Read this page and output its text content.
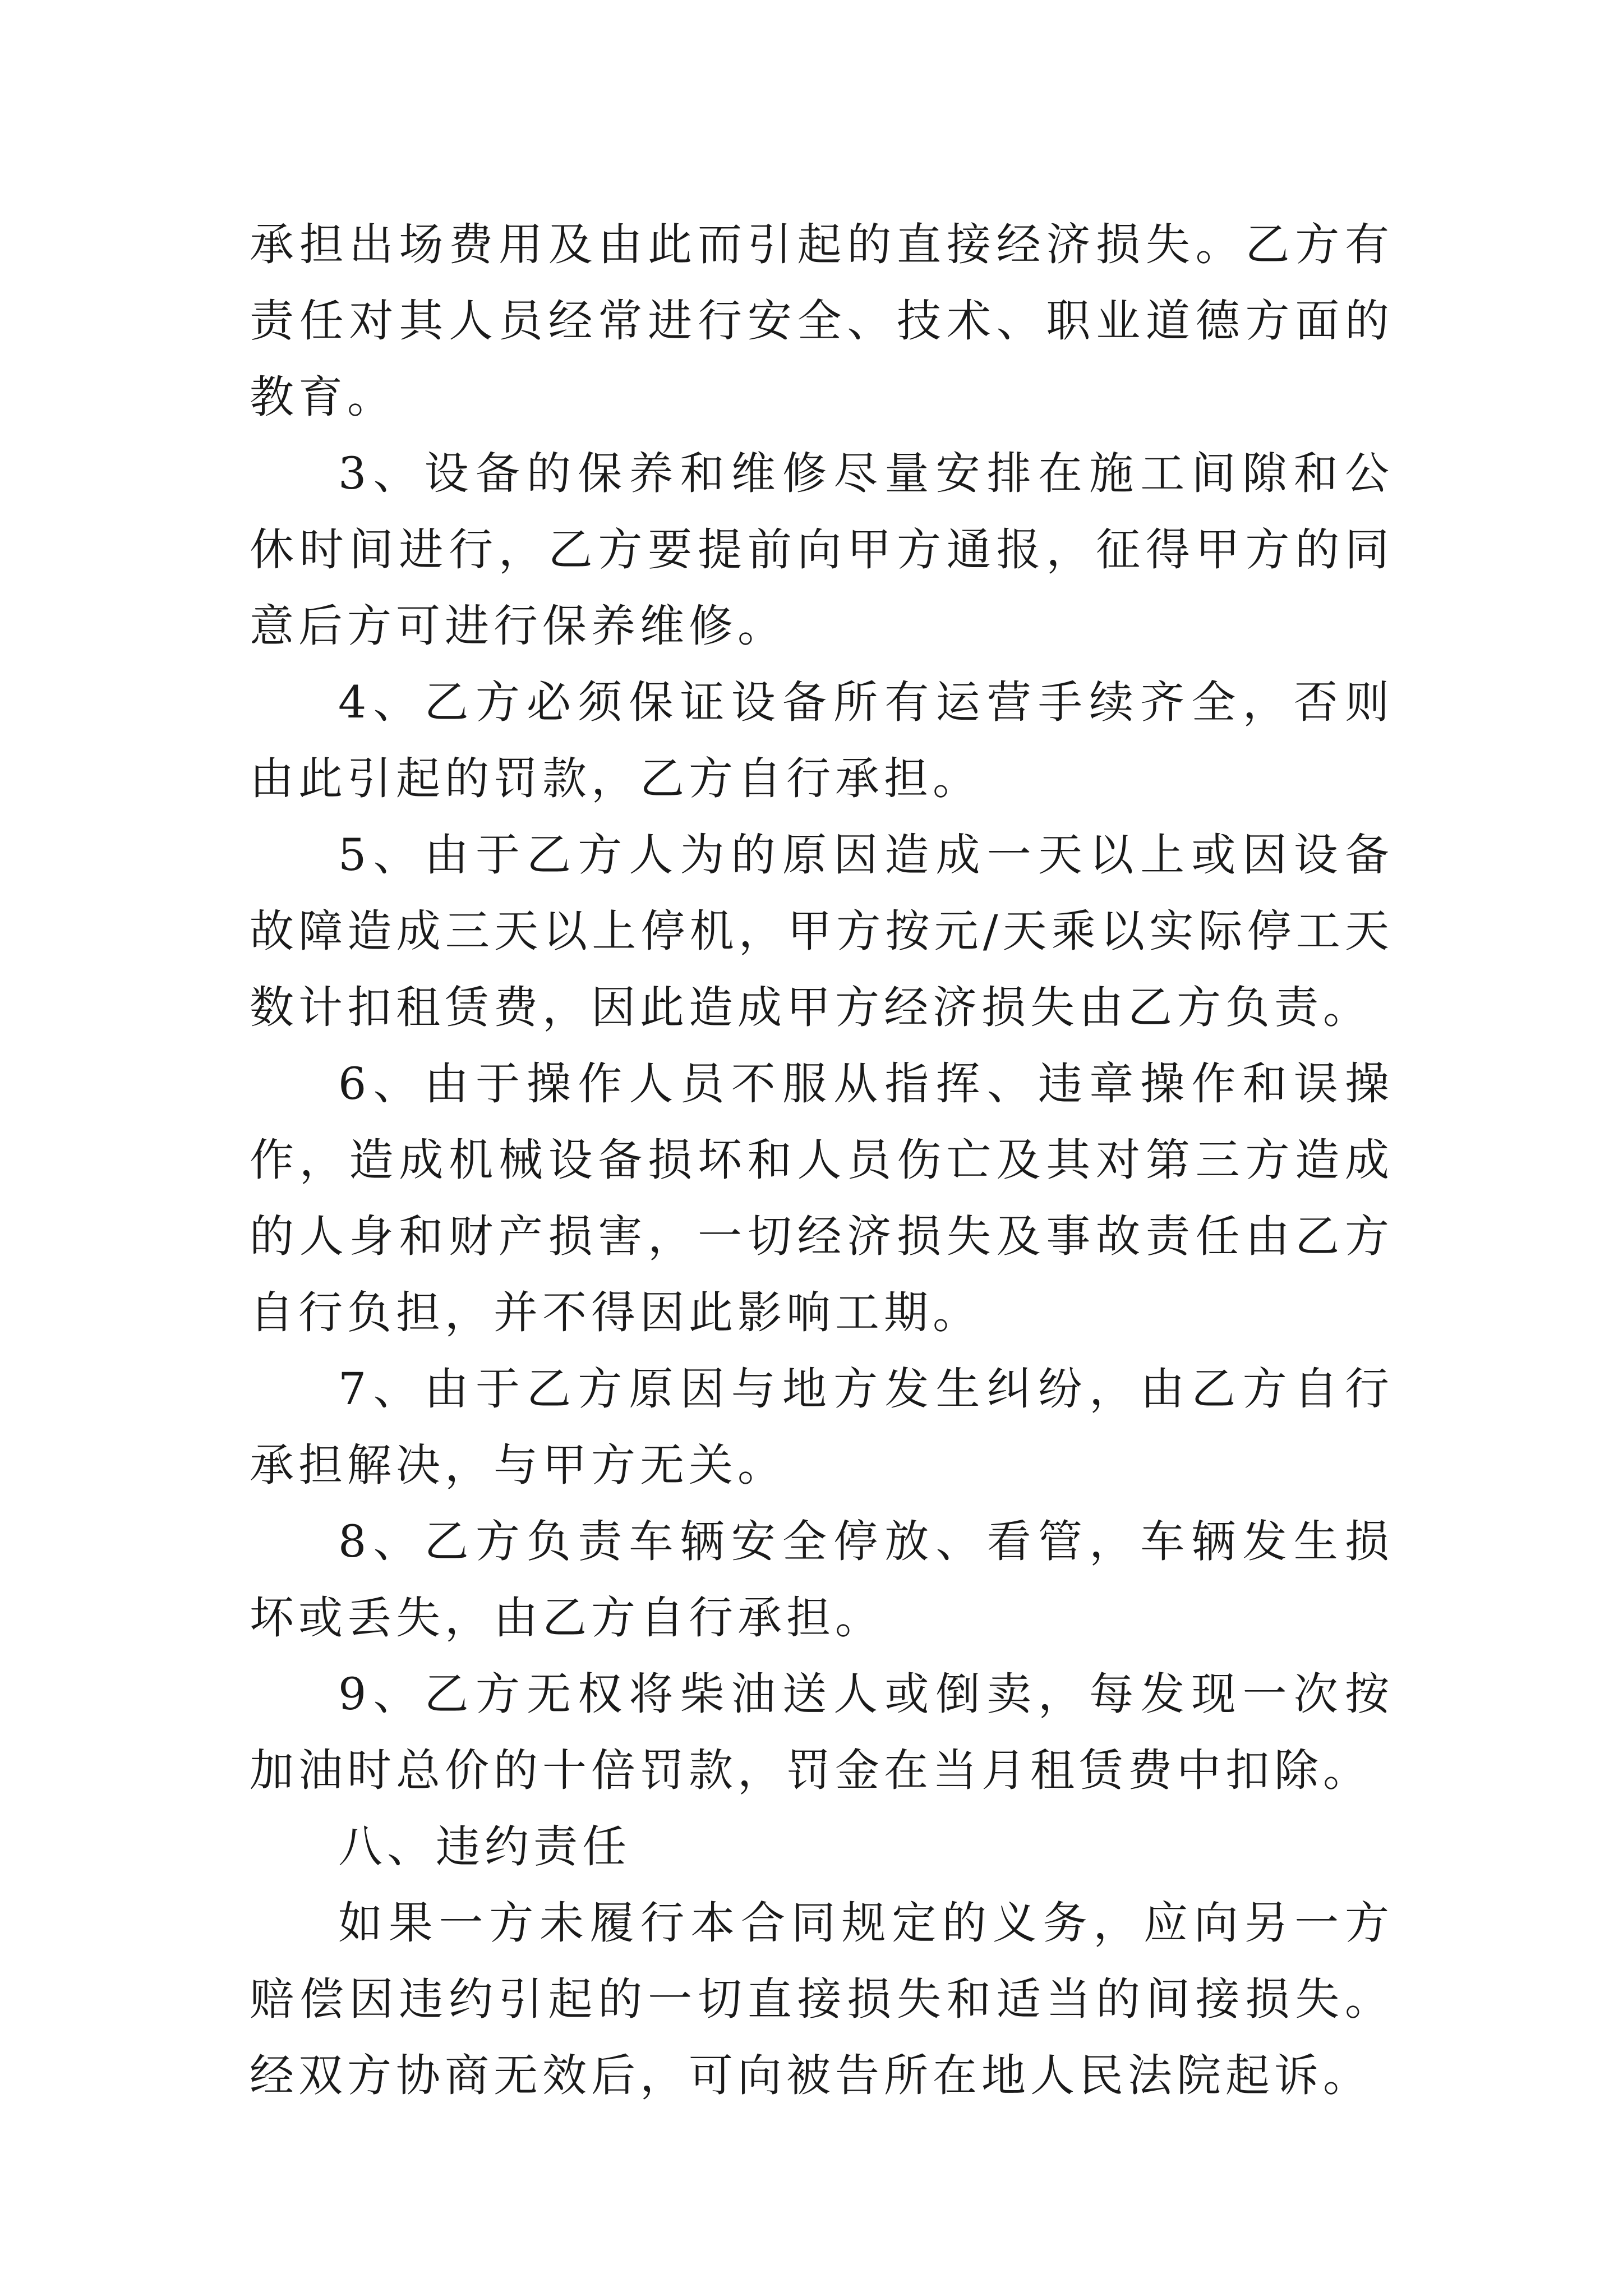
承担出场费用及由此而引起的直接经济损失。乙方有责任对其人员经常进行安全、技术、职业道德方面的教育。

3、设备的保养和维修尽量安排在施工间隙和公休时间进行，乙方要提前向甲方通报，征得甲方的同意后方可进行保养维修。

4、乙方必须保证设备所有运营手续齐全，否则由此引起的罚款，乙方自行承担。

5、由于乙方人为的原因造成一天以上或因设备故障造成三天以上停机，甲方按元/天乘以实际停工天数计扣租赁费，因此造成甲方经济损失由乙方负责。

6、由于操作人员不服从指挥、违章操作和误操作，造成机械设备损坏和人员伤亡及其对第三方造成的人身和财产损害，一切经济损失及事故责任由乙方自行负担，并不得因此影响工期。

7、由于乙方原因与地方发生纠纷，由乙方自行承担解决，与甲方无关。

8、乙方负责车辆安全停放、看管，车辆发生损坏或丢失，由乙方自行承担。

9、乙方无权将柴油送人或倒卖，每发现一次按加油时总价的十倍罚款，罚金在当月租赁费中扣除。

八、违约责任

如果一方未履行本合同规定的义务，应向另一方赔偿因违约引起的一切直接损失和适当的间接损失。经双方协商无效后，可向被告所在地人民法院起诉。
